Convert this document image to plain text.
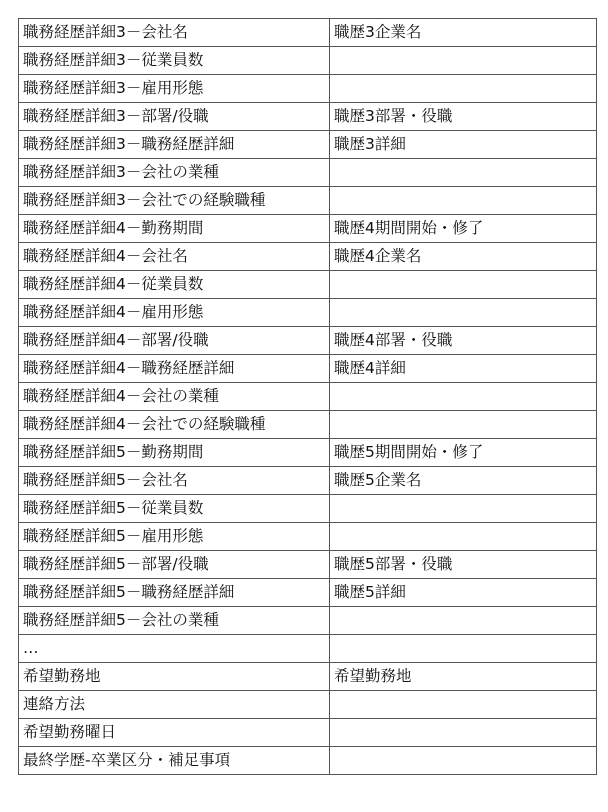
職務経歴詳細3－会社名	職歴3企業名
職務経歴詳細3－従業員数	
職務経歴詳細3－雇用形態	
職務経歴詳細3－部署/役職	職歴3部署・役職
職務経歴詳細3－職務経歴詳細	職歴3詳細
職務経歴詳細3－会社の業種	
職務経歴詳細3－会社での経験職種	
職務経歴詳細4－勤務期間	職歴4期間開始・修了
職務経歴詳細4－会社名	職歴4企業名
職務経歴詳細4－従業員数	
職務経歴詳細4－雇用形態	
職務経歴詳細4－部署/役職	職歴4部署・役職
職務経歴詳細4－職務経歴詳細	職歴4詳細
職務経歴詳細4－会社の業種	
職務経歴詳細4－会社での経験職種	
職務経歴詳細5－勤務期間	職歴5期間開始・修了
職務経歴詳細5－会社名	職歴5企業名
職務経歴詳細5－従業員数	
職務経歴詳細5－雇用形態	
職務経歴詳細5－部署/役職	職歴5部署・役職
職務経歴詳細5－職務経歴詳細	職歴5詳細
職務経歴詳細5－会社の業種	
…	
希望勤務地	希望勤務地
連絡方法	
希望勤務曜日	
最終学歴-卒業区分・補足事項	
